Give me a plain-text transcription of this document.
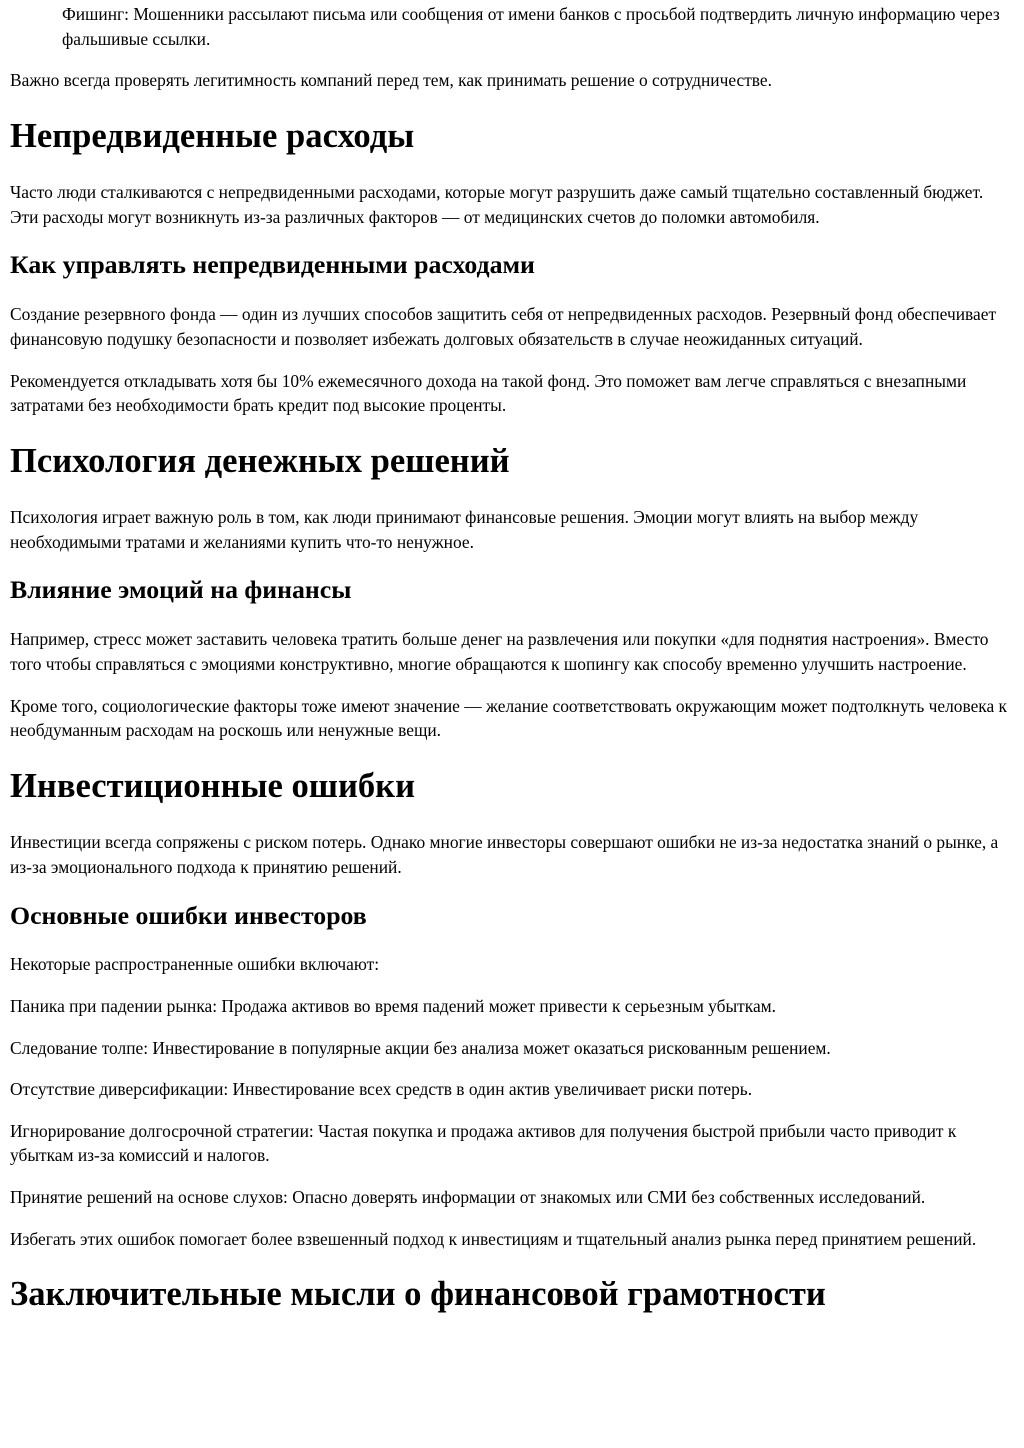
Фишинг: Мошенники рассылают письма или сообщения от имени банков с просьбой подтвердить личную информацию через фальшивые ссылки.

Важно всегда проверять легитимность компаний перед тем, как принимать решение о сотрудничестве.

Непредвиденные расходы

Часто люди сталкиваются с непредвиденными расходами, которые могут разрушить даже самый тщательно составленный бюджет. Эти расходы могут возникнуть из-за различных факторов — от медицинских счетов до поломки автомобиля.

Как управлять непредвиденными расходами

Создание резервного фонда — один из лучших способов защитить себя от непредвиденных расходов. Резервный фонд обеспечивает финансовую подушку безопасности и позволяет избежать долговых обязательств в случае неожиданных ситуаций.

Рекомендуется откладывать хотя бы 10% ежемесячного дохода на такой фонд. Это поможет вам легче справляться с внезапными затратами без необходимости брать кредит под высокие проценты.

Психология денежных решений

Психология играет важную роль в том, как люди принимают финансовые решения. Эмоции могут влиять на выбор между необходимыми тратами и желаниями купить что-то ненужное.

Влияние эмоций на финансы

Например, стресс может заставить человека тратить больше денег на развлечения или покупки «для поднятия настроения». Вместо того чтобы справляться с эмоциями конструктивно, многие обращаются к шопингу как способу временно улучшить настроение.

Кроме того, социологические факторы тоже имеют значение — желание соответствовать окружающим может подтолкнуть человека к необдуманным расходам на роскошь или ненужные вещи.

Инвестиционные ошибки

Инвестиции всегда сопряжены с риском потерь. Однако многие инвесторы совершают ошибки не из-за недостатка знаний о рынке, а из-за эмоционального подхода к принятию решений.

Основные ошибки инвесторов

Некоторые распространенные ошибки включают:

Паника при падении рынка: Продажа активов во время падений может привести к серьезным убыткам.

Следование толпе: Инвестирование в популярные акции без анализа может оказаться рискованным решением.

Отсутствие диверсификации: Инвестирование всех средств в один актив увеличивает риски потерь.

Игнорирование долгосрочной стратегии: Частая покупка и продажа активов для получения быстрой прибыли часто приводит к убыткам из-за комиссий и налогов.

Принятие решений на основе слухов: Опасно доверять информации от знакомых или СМИ без собственных исследований.

Избегать этих ошибок помогает более взвешенный подход к инвестициям и тщательный анализ рынка перед принятием решений.

Заключительные мысли о финансовой грамотности
